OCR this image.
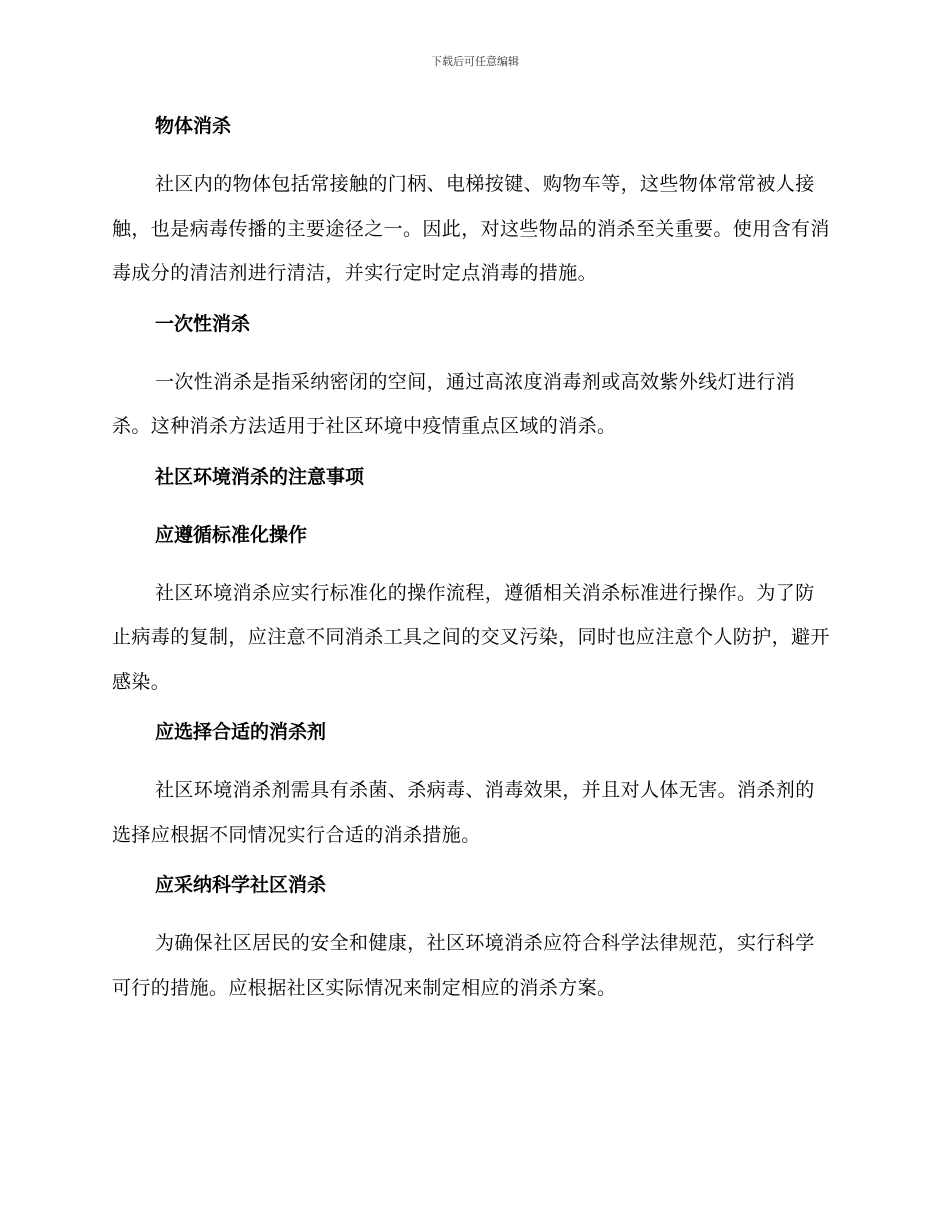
下载后可任意编辑
物体消杀

社区内的物体包括常接触的门柄、电梯按键、购物车等，这些物体常常被人接触，也是病毒传播的主要途径之一。因此，对这些物品的消杀至关重要。使用含有消毒成分的清洁剂进行清洁，并实行定时定点消毒的措施。

一次性消杀

一次性消杀是指采纳密闭的空间，通过高浓度消毒剂或高效紫外线灯进行消杀。这种消杀方法适用于社区环境中疫情重点区域的消杀。

社区环境消杀的注意事项
应遵循标准化操作

社区环境消杀应实行标准化的操作流程，遵循相关消杀标准进行操作。为了防止病毒的复制，应注意不同消杀工具之间的交叉污染，同时也应注意个人防护，避开感染。

应选择合适的消杀剂

社区环境消杀剂需具有杀菌、杀病毒、消毒效果，并且对人体无害。消杀剂的选择应根据不同情况实行合适的消杀措施。

应采纳科学社区消杀

为确保社区居民的安全和健康，社区环境消杀应符合科学法律规范，实行科学可行的措施。应根据社区实际情况来制定相应的消杀方案。
